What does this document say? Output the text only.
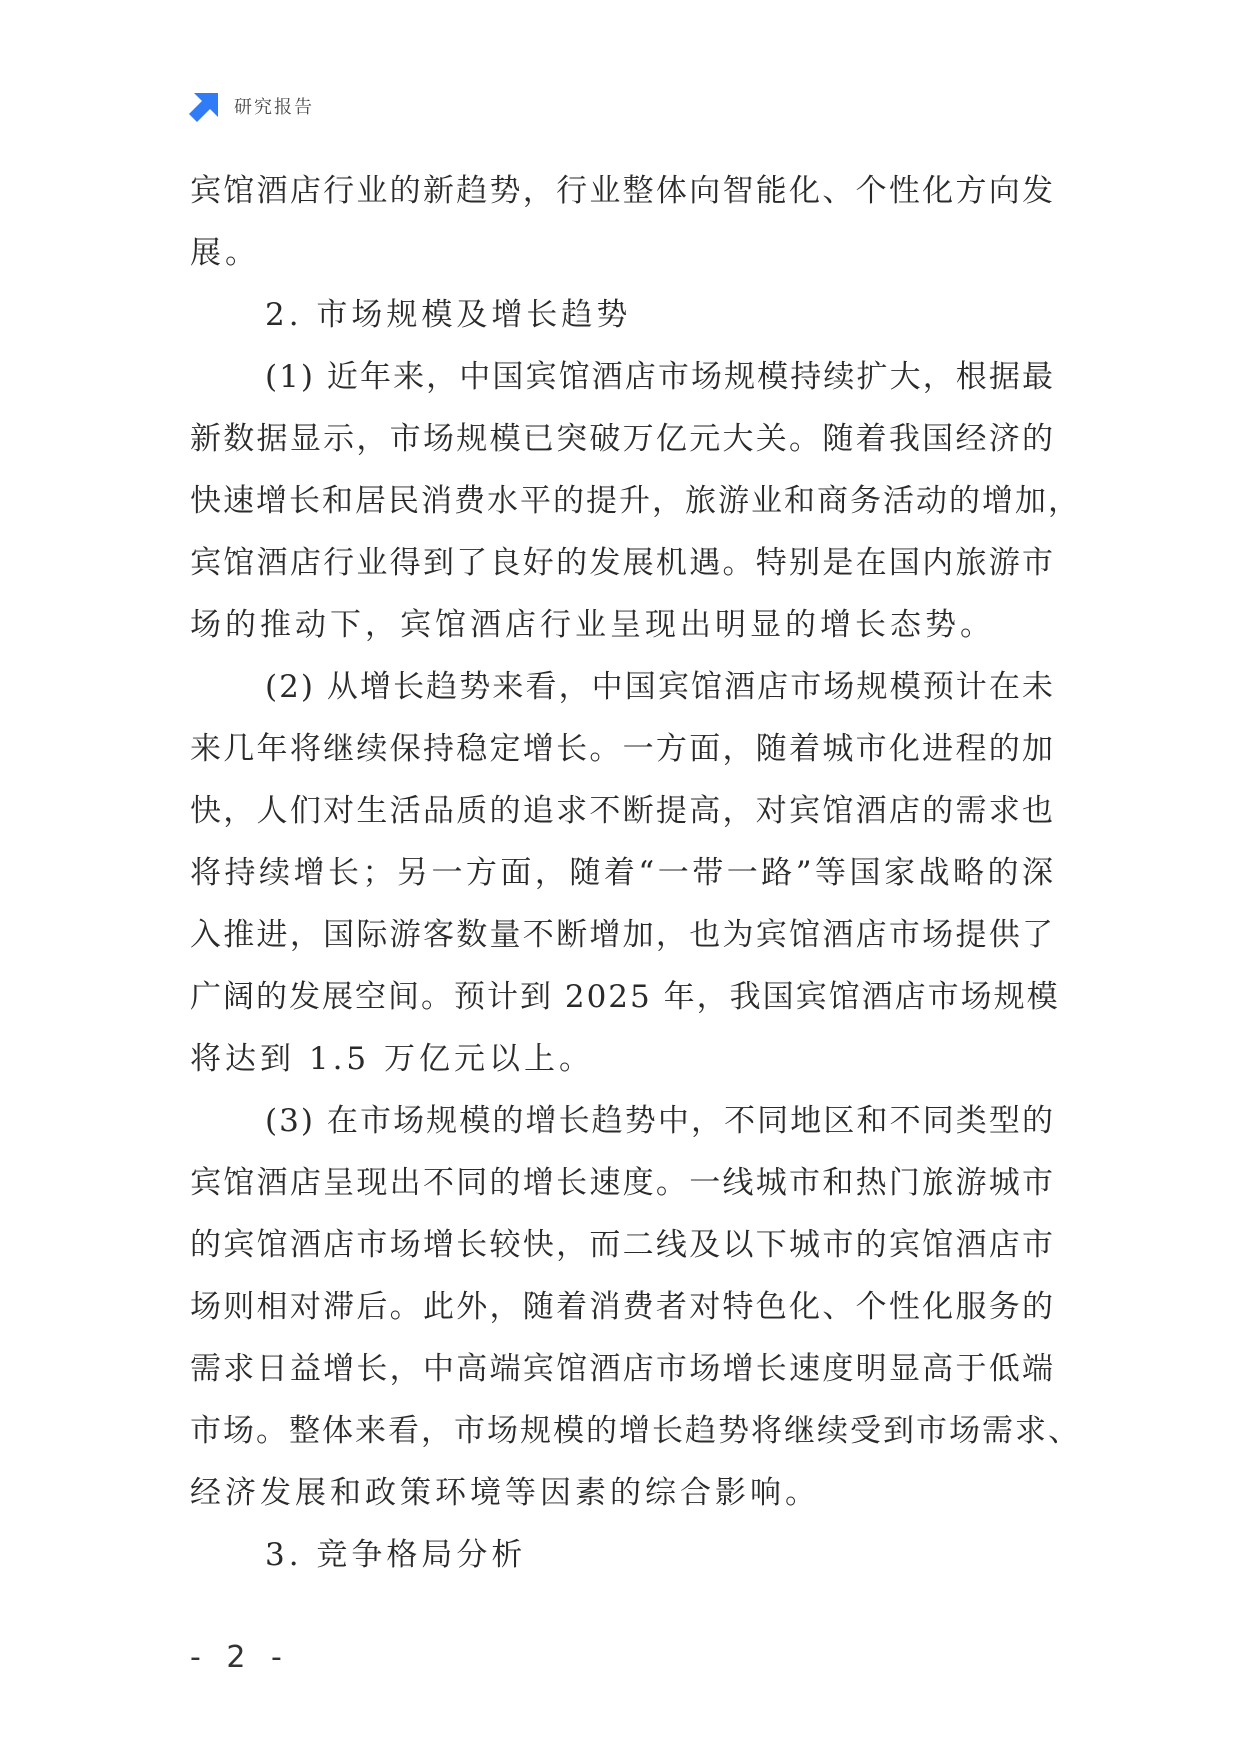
研究报告
宾馆酒店行业的新趋势，行业整体向智能化、个性化方向发
展。
2. 市场规模及增长趋势
(1) 近年来，中国宾馆酒店市场规模持续扩大，根据最
新数据显示，市场规模已突破万亿元大关。随着我国经济的
快速增长和居民消费水平的提升，旅游业和商务活动的增加，
宾馆酒店行业得到了良好的发展机遇。特别是在国内旅游市
场的推动下，宾馆酒店行业呈现出明显的增长态势。
(2) 从增长趋势来看，中国宾馆酒店市场规模预计在未
来几年将继续保持稳定增长。一方面，随着城市化进程的加
快，人们对生活品质的追求不断提高，对宾馆酒店的需求也
将持续增长；另一方面，随着“一带一路”等国家战略的深
入推进，国际游客数量不断增加，也为宾馆酒店市场提供了
广阔的发展空间。预计到 2025 年，我国宾馆酒店市场规模
将达到 1.5 万亿元以上。
(3) 在市场规模的增长趋势中，不同地区和不同类型的
宾馆酒店呈现出不同的增长速度。一线城市和热门旅游城市
的宾馆酒店市场增长较快，而二线及以下城市的宾馆酒店市
场则相对滞后。此外，随着消费者对特色化、个性化服务的
需求日益增长，中高端宾馆酒店市场增长速度明显高于低端
市场。整体来看，市场规模的增长趋势将继续受到市场需求、
经济发展和政策环境等因素的综合影响。
3. 竞争格局分析
- 2 -
